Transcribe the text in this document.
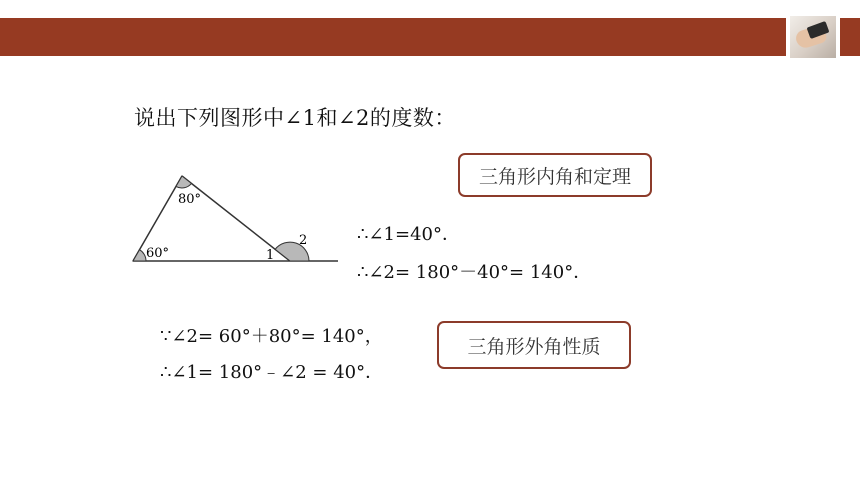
说出下列图形中∠1和∠2的度数：
80°
60°	1
2
三角形内角和定理
∴∠1=40°．
∴∠2= 180°－40°= 140°．
∵∠2= 60°＋80°= 140°，
∴∠1= 180°﹣∠2 = 40°．
三角形外角性质
